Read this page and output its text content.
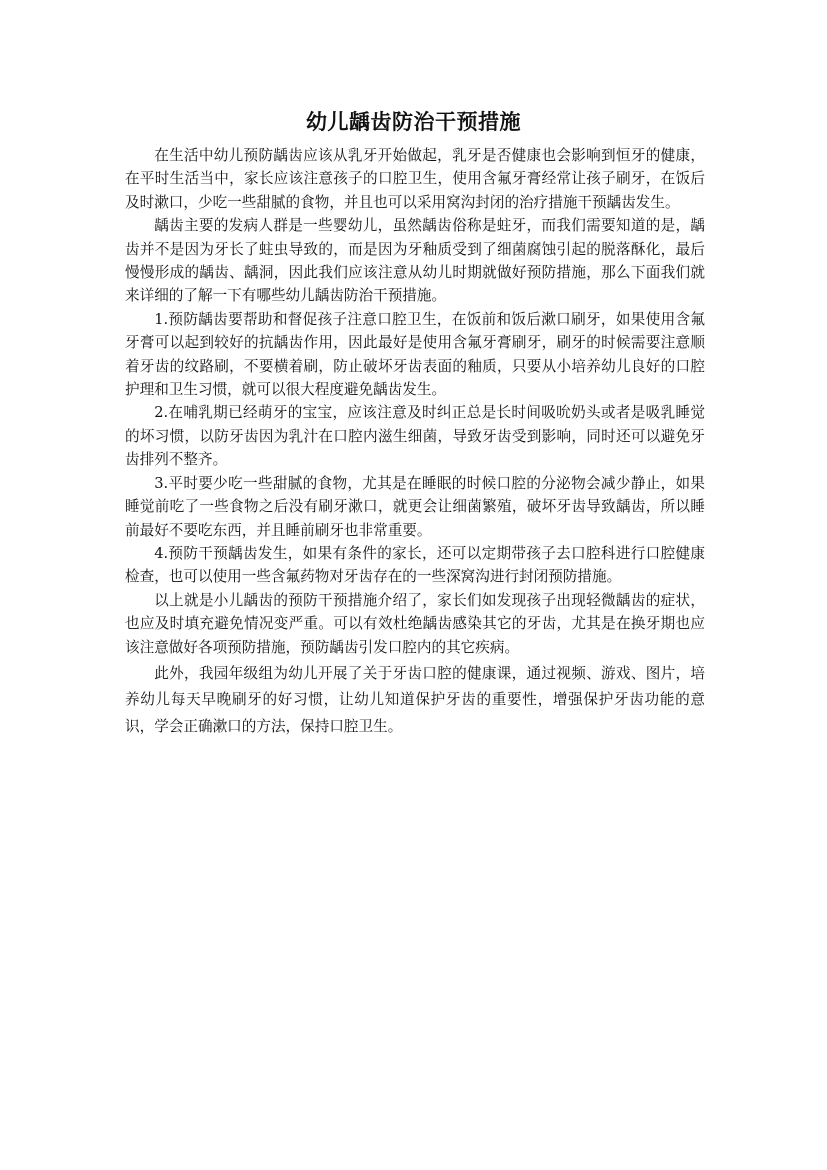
幼儿龋齿防治干预措施

在生活中幼儿预防龋齿应该从乳牙开始做起，乳牙是否健康也会影响到恒牙的健康，在平时生活当中，家长应该注意孩子的口腔卫生，使用含氟牙膏经常让孩子刷牙，在饭后及时漱口，少吃一些甜腻的食物，并且也可以采用窝沟封闭的治疗措施干预龋齿发生。

龋齿主要的发病人群是一些婴幼儿，虽然龋齿俗称是蛀牙，而我们需要知道的是，龋齿并不是因为牙长了蛀虫导致的，而是因为牙釉质受到了细菌腐蚀引起的脱落酥化，最后慢慢形成的龋齿、龋洞，因此我们应该注意从幼儿时期就做好预防措施，那么下面我们就来详细的了解一下有哪些幼儿龋齿防治干预措施。

1.预防龋齿要帮助和督促孩子注意口腔卫生，在饭前和饭后漱口刷牙，如果使用含氟牙膏可以起到较好的抗龋齿作用，因此最好是使用含氟牙膏刷牙，刷牙的时候需要注意顺着牙齿的纹路刷，不要横着刷，防止破坏牙齿表面的釉质，只要从小培养幼儿良好的口腔护理和卫生习惯，就可以很大程度避免龋齿发生。

2.在哺乳期已经萌牙的宝宝，应该注意及时纠正总是长时间吸吮奶头或者是吸乳睡觉的坏习惯，以防牙齿因为乳汁在口腔内滋生细菌，导致牙齿受到影响，同时还可以避免牙齿排列不整齐。

3.平时要少吃一些甜腻的食物，尤其是在睡眠的时候口腔的分泌物会减少静止，如果睡觉前吃了一些食物之后没有刷牙漱口，就更会让细菌繁殖，破坏牙齿导致龋齿，所以睡前最好不要吃东西，并且睡前刷牙也非常重要。

4.预防干预龋齿发生，如果有条件的家长，还可以定期带孩子去口腔科进行口腔健康检查，也可以使用一些含氟药物对牙齿存在的一些深窝沟进行封闭预防措施。

以上就是小儿龋齿的预防干预措施介绍了，家长们如发现孩子出现轻微龋齿的症状，也应及时填充避免情况变严重。可以有效杜绝龋齿感染其它的牙齿，尤其是在换牙期也应该注意做好各项预防措施，预防龋齿引发口腔内的其它疾病。

此外，我园年级组为幼儿开展了关于牙齿口腔的健康课，通过视频、游戏、图片，培养幼儿每天早晚刷牙的好习惯，让幼儿知道保护牙齿的重要性，增强保护牙齿功能的意识，学会正确漱口的方法，保持口腔卫生。
